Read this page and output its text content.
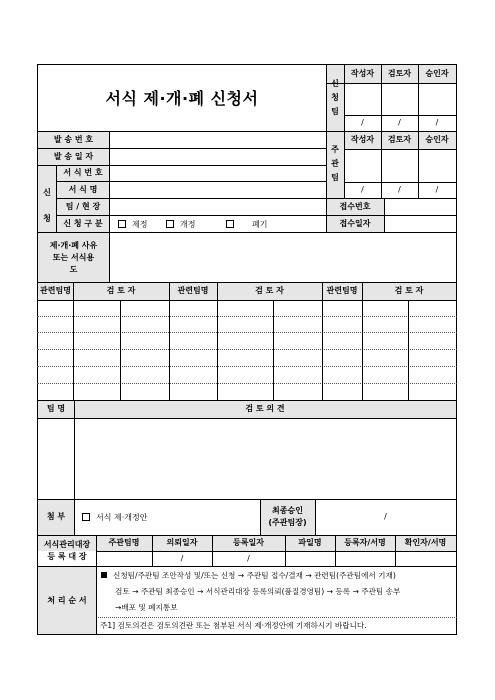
서식 제·개·폐 신청서
신
청
팀
작성자	검토자	승인자
/	/	/
주
관
팀
작성자	검토자	승인자
/	/	/
발 송 번 호
발 송 일 자
신
청
서 식 번 호
서 식 명
팀 / 현 장
신 청 구 분	제정	개정	폐기
접수번호
접수일자
제·개·폐 사유
또는 서식용
도
관련팀명	검 토 자	관련팀명	검 토 자	관련팀명	검 토 자
팀 명	검 토 의 견
첨 부	서식 제·개정안
최종승인
(주관팀장)
/
서식관리대장
등 록 대 장
주관팀명	의뢰일자	등록일자	파일명	등록자/서명	확인자/서명
/	/
처 리 순 서
신청팀/주관팀 조안작성 및/또는 신청 → 주관팀 접수/결재 → 관련팀(주관팀에서 기재)
검토 → 주관팀 최종승인 → 서식관리대장 등록의뢰(품질경영팀) → 등록 → 주관팀 송부
→배포 및 폐지통보
주1] 검토의견은 검토의견란 또는 첨부된 서식 제·개정안에 기재하시기 바랍니다.
